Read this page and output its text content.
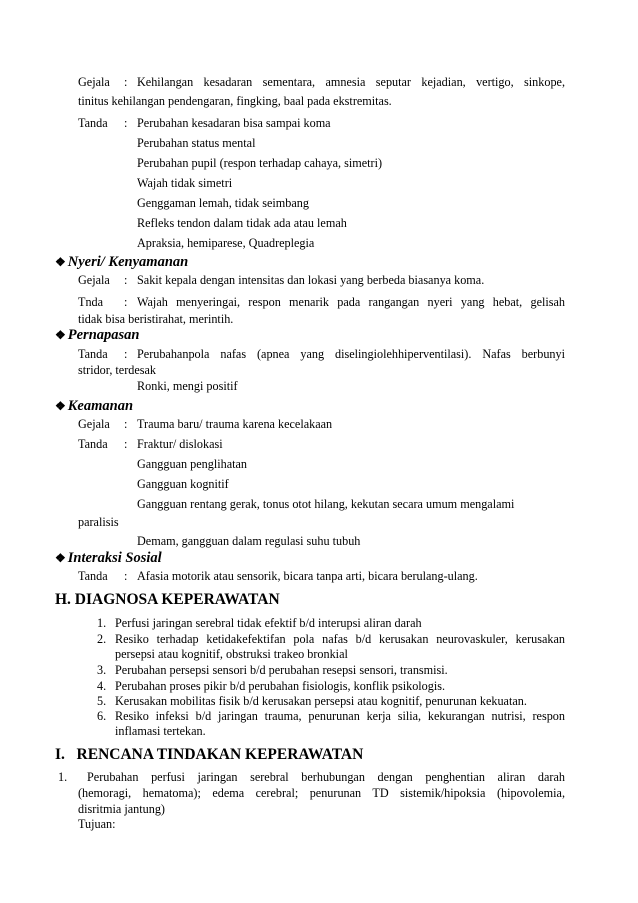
Gejala : Kehilangan kesadaran sementara, amnesia seputar kejadian, vertigo, sinkope,
tinitus kehilangan pendengaran, fingking, baal pada ekstremitas.
Tanda : Perubahan kesadaran bisa sampai koma
Perubahan status mental
Perubahan pupil (respon terhadap cahaya, simetri)
Wajah tidak simetri
Genggaman lemah, tidak seimbang
Refleks tendon dalam tidak ada atau lemah
Apraksia, hemiparese, Quadreplegia
❖ Nyeri/ Kenyamanan
Gejala : Sakit kepala dengan intensitas dan lokasi yang berbeda biasanya koma.
Tnda : Wajah menyeringai, respon menarik pada rangangan nyeri yang hebat, gelisah
tidak bisa beristirahat, merintih.
❖ Pernapasan
Tanda : Perubahanpola nafas (apnea yang diselingiolehhiperventilasi). Nafas berbunyi
stridor, terdesak
Ronki, mengi positif
❖ Keamanan
Gejala : Trauma baru/ trauma karena kecelakaan
Tanda : Fraktur/ dislokasi
Gangguan penglihatan
Gangguan kognitif
Gangguan rentang gerak, tonus otot hilang, kekutan secara umum mengalami
paralisis
Demam, gangguan dalam regulasi suhu tubuh
❖ Interaksi Sosial
Tanda : Afasia motorik atau sensorik, bicara tanpa arti, bicara berulang-ulang.
H. DIAGNOSA KEPERAWATAN
1. Perfusi jaringan serebral tidak efektif b/d interupsi aliran darah
2. Resiko terhadap ketidakefektifan pola nafas b/d kerusakan neurovaskuler, kerusakan
persepsi atau kognitif, obstruksi trakeo bronkial
3. Perubahan persepsi sensori b/d perubahan resepsi sensori, transmisi.
4. Perubahan proses pikir b/d perubahan fisiologis, konflik psikologis.
5. Kerusakan mobilitas fisik b/d kerusakan persepsi atau kognitif, penurunan kekuatan.
6. Resiko infeksi b/d jaringan trauma, penurunan kerja silia, kekurangan nutrisi, respon
inflamasi tertekan.
I.   RENCANA TINDAKAN KEPERAWATAN
1. Perubahan perfusi jaringan serebral berhubungan dengan penghentian aliran darah
(hemoragi, hematoma); edema cerebral; penurunan TD sistemik/hipoksia (hipovolemia,
disritmia jantung)
Tujuan:
